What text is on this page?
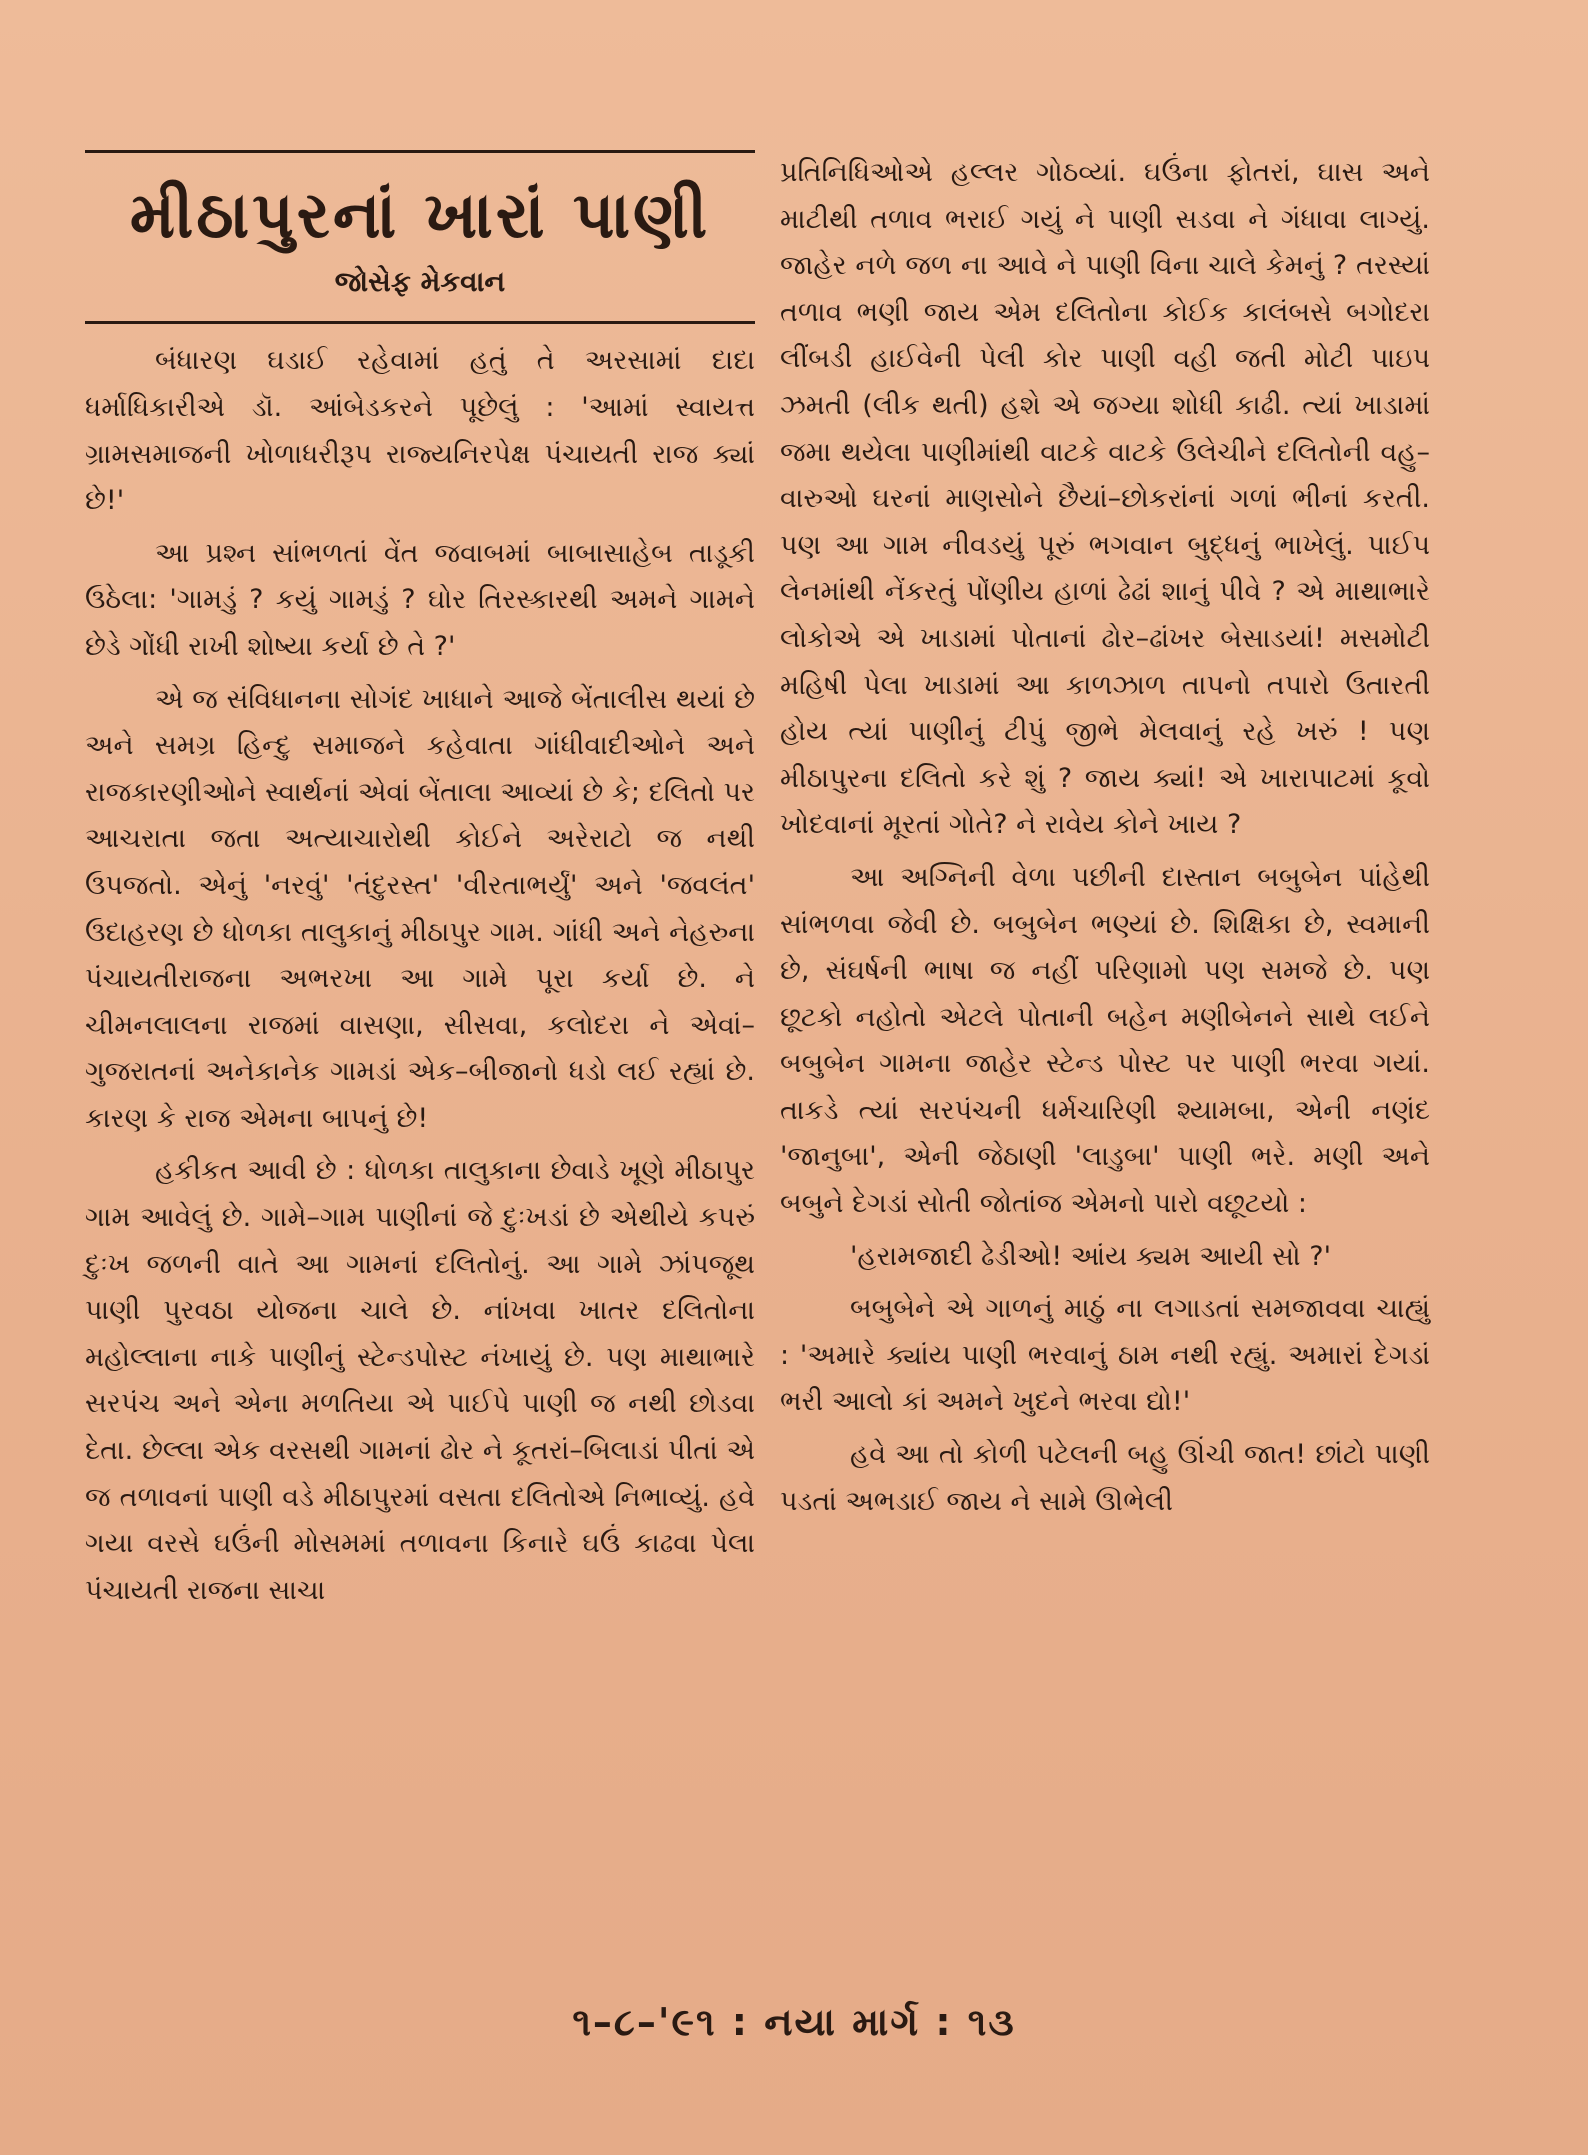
મીઠાપુરનાં ખારાં પાણી
જોસેફ મેકવાન

બંધારણ ઘડાઈ રહેવામાં હતું તે અરસામાં દાદા ધર્માધિકારીએ ડૉ. આંબેડકરને પૂછેલું : 'આમાં સ્વાયત્ત ગ્રામસમાજની ખોળાધરીરૂપ રાજ્યનિરપેક્ષ પંચાયતી રાજ ક્યાં છે!'

આ પ્રશ્ન સાંભળતાં વેંત જવાબમાં બાબાસાહેબ તાડૂકી ઉઠેલા: 'ગામડું ? કયું ગામડું ? ઘોર તિરસ્કારથી અમને ગામને છેડે ગોંધી રાખી શોષ્યા કર્યા છે તે ?'

એ જ સંવિધાનના સોગંદ ખાધાને આજે બેંતાલીસ થયાં છે અને સમગ્ર હિન્દુ સમાજને કહેવાતા ગાંધીવાદીઓને અને રાજકારણીઓને સ્વાર્થનાં એવાં બેંતાલા આવ્યાં છે કે; દલિતો પર આચરાતા જતા અત્યાચારોથી કોઈને અરેરાટો જ નથી ઉપજતો. એનું 'નરવું' 'તંદુરસ્ત' 'વીરતાભર્યું' અને 'જવલંત' ઉદાહરણ છે ધોળકા તાલુકાનું મીઠાપુર ગામ. ગાંધી અને નેહરુના પંચાયતીરાજના અભરખા આ ગામે પૂરા કર્યા છે. ને ચીમનલાલના રાજમાં વાસણા, સીસવા, કલોદરા ને એવાં–ગુજરાતનાં અનેકાનેક ગામડાં એક–બીજાનો ધડો લઈ રહ્યાં છે. કારણ કે રાજ એમના બાપનું છે!

હકીકત આવી છે : ધોળકા તાલુકાના છેવાડે ખૂણે મીઠાપુર ગામ આવેલું છે. ગામે–ગામ પાણીનાં જે દુઃખડાં છે એથીયે કપરું દુઃખ જળની વાતે આ ગામનાં દલિતોનું. આ ગામે ઝાંપજૂથ પાણી પુરવઠા યોજના ચાલે છે. નાંખવા ખાતર દલિતોના મહોલ્લાના નાકે પાણીનું સ્ટેન્ડપોસ્ટ નંખાયું છે. પણ માથાભારે સરપંચ અને એના મળતિયા એ પાઈપે પાણી જ નથી છોડવા દેતા. છેલ્લા એક વરસથી ગામનાં ઢોર ને કૂતરાં–બિલાડાં પીતાં એ જ તળાવનાં પાણી વડે મીઠાપુરમાં વસતા દલિતોએ નિભાવ્યું. હવે ગયા વરસે ઘઉંની મોસમમાં તળાવના કિનારે ઘઉં કાઢવા પેલા પંચાયતી રાજના સાચા

પ્રતિનિધિઓએ હલ્લર ગોઠવ્યાં. ઘઉંના ફોતરાં, ઘાસ અને માટીથી તળાવ ભરાઈ ગયું ને પાણી સડવા ને ગંધાવા લાગ્યું. જાહેર નળે જળ ના આવે ને પાણી વિના ચાલે કેમનું ? તરસ્યાં તળાવ ભણી જાય એમ દલિતોના કોઈક કાલંબસે બગોદરા લીંબડી હાઈવેની પેલી કોર પાણી વહી જતી મોટી પાઇપ ઝમતી (લીક થતી) હશે એ જગ્યા શોધી કાઢી. ત્યાં ખાડામાં જમા થયેલા પાણીમાંથી વાટકે વાટકે ઉલેચીને દલિતોની વહુ–વારુઓ ઘરનાં માણસોને છૈયાં–છોકરાંનાં ગળાં ભીનાં કરતી. પણ આ ગામ નીવડયું પૂરું ભગવાન બુદ્ધનું ભાખેલું. પાઈપ લેનમાંથી નેંકરતું પોંણીય હાળાં ઢેઢાં શાનું પીવે ? એ માથાભારે લોકોએ એ ખાડામાં પોતાનાં ઢોર–ઢાંખર બેસાડયાં! મસમોટી મહિષી પેલા ખાડામાં આ કાળઝાળ તાપનો તપારો ઉતારતી હોય ત્યાં પાણીનું ટીપું જીભે મેલવાનું રહે ખરું ! પણ મીઠાપુરના દલિતો કરે શું ? જાય ક્યાં! એ ખારાપાટમાં કૂવો ખોદવાનાં મૂરતાં ગોતે? ને રાવેય કોને ખાય ?

આ અગ્નિની વેળા પછીની દાસ્તાન બબુબેન પાંહેથી સાંભળવા જેવી છે. બબુબેન ભણ્યાં છે. શિક્ષિકા છે, સ્વમાની છે, સંઘર્ષની ભાષા જ નહીં પરિણામો પણ સમજે છે. પણ છૂટકો નહોતો એટલે પોતાની બહેન મણીબેનને સાથે લઈને બબુબેન ગામના જાહેર સ્ટેન્ડ પોસ્ટ પર પાણી ભરવા ગયાં. તાકડે ત્યાં સરપંચની ધર્મચારિણી શ્યામબા, એની નણંદ 'જાનુબા', એની જેઠાણી 'લાડુબા' પાણી ભરે. મણી અને બબુને દેગડાં સોતી જોતાંજ એમનો પારો વછૂટયો :

'હરામજાદી ઢેડીઓ! આંય ક્યમ આયી સો ?'

બબુબેને એ ગાળનું માઠું ના લગાડતાં સમજાવવા ચાહ્યું : 'અમારે ક્યાંય પાણી ભરવાનું ઠામ નથી રહ્યું. અમારાં દેગડાં ભરી આલો કાં અમને ખુદને ભરવા દ્યો!'

હવે આ તો કોળી પટેલની બહુ ઊંચી જાત! છાંટો પાણી પડતાં અભડાઈ જાય ને સામે ઊભેલી

૧–૮–'૯૧ : નયા માર્ગ : ૧૩
